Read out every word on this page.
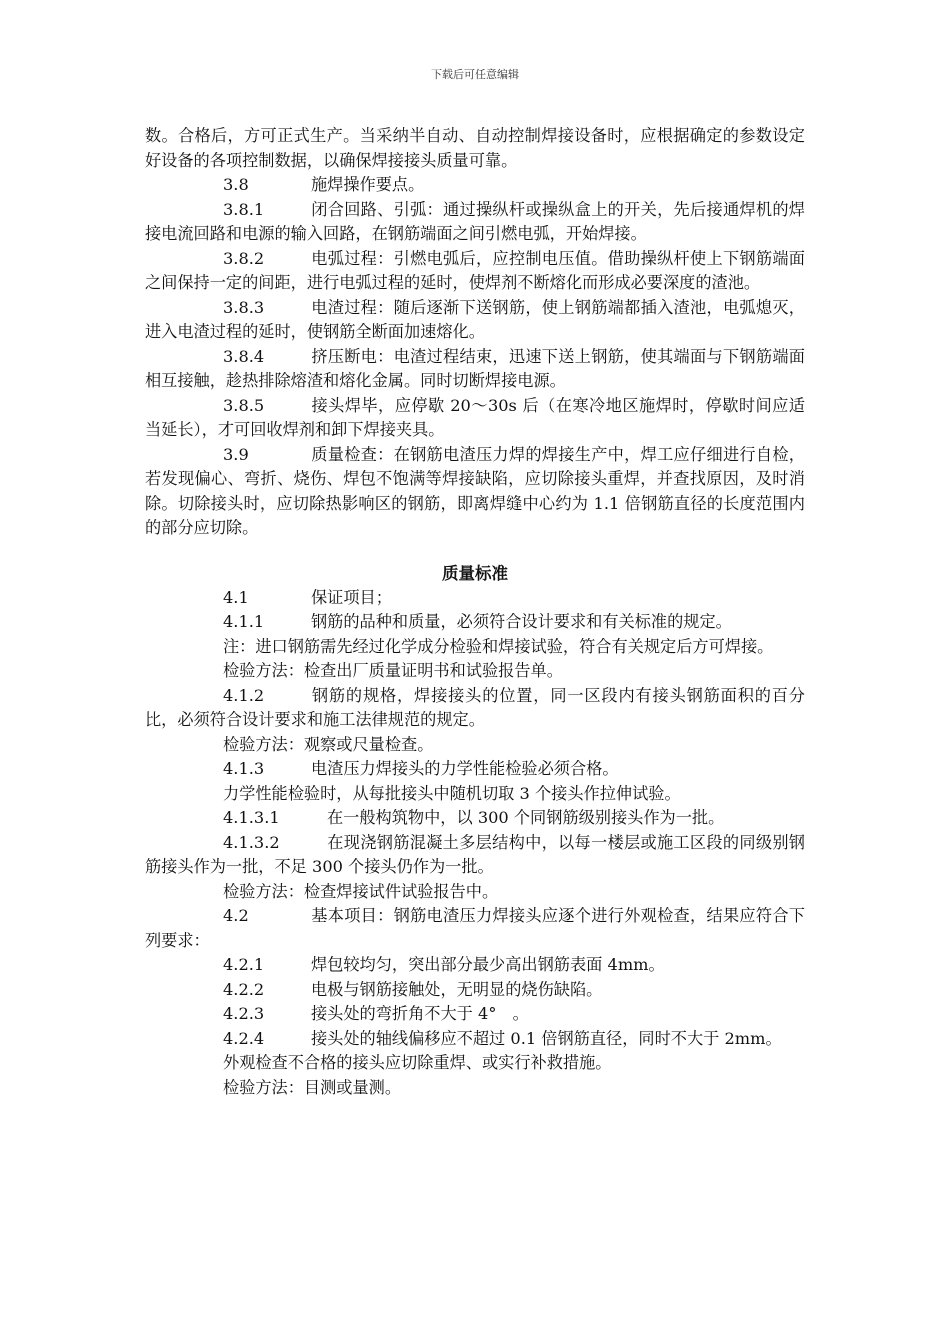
下载后可任意编辑

数。合格后，方可正式生产。当采纳半自动、自动控制焊接设备时，应根据确定的参数设定好设备的各项控制数据，以确保焊接接头质量可靠。

3.8	施焊操作要点。

3.8.1	闭合回路、引弧：通过操纵杆或操纵盒上的开关，先后接通焊机的焊接电流回路和电源的输入回路，在钢筋端面之间引燃电弧，开始焊接。

3.8.2	电弧过程：引燃电弧后，应控制电压值。借助操纵杆使上下钢筋端面之间保持一定的间距，进行电弧过程的延时，使焊剂不断熔化而形成必要深度的渣池。

3.8.3	电渣过程：随后逐渐下送钢筋，使上钢筋端都插入渣池，电弧熄灭，进入电渣过程的延时，使钢筋全断面加速熔化。

3.8.4	挤压断电：电渣过程结束，迅速下送上钢筋，使其端面与下钢筋端面相互接触，趁热排除熔渣和熔化金属。同时切断焊接电源。

3.8.5	接头焊毕，应停歇 20～30s 后（在寒冷地区施焊时，停歇时间应适当延长），才可回收焊剂和卸下焊接夹具。

3.9	质量检查：在钢筋电渣压力焊的焊接生产中，焊工应仔细进行自检，若发现偏心、弯折、烧伤、焊包不饱满等焊接缺陷，应切除接头重焊，并查找原因，及时消除。切除接头时，应切除热影响区的钢筋，即离焊缝中心约为 1.1 倍钢筋直径的长度范围内的部分应切除。

质量标准

4.1	保证项目；

4.1.1	钢筋的品种和质量，必须符合设计要求和有关标准的规定。

注：进口钢筋需先经过化学成分检验和焊接试验，符合有关规定后方可焊接。

检验方法：检查出厂质量证明书和试验报告单。

4.1.2	钢筋的规格，焊接接头的位置，同一区段内有接头钢筋面积的百分比，必须符合设计要求和施工法律规范的规定。

检验方法：观察或尺量检查。

4.1.3	电渣压力焊接头的力学性能检验必须合格。

力学性能检验时，从每批接头中随机切取 3 个接头作拉伸试验。

4.1.3.1	在一般构筑物中，以 300 个同钢筋级别接头作为一批。

4.1.3.2	在现浇钢筋混凝土多层结构中，以每一楼层或施工区段的同级别钢筋接头作为一批，不足 300 个接头仍作为一批。

检验方法：检查焊接试件试验报告中。

4.2	基本项目：钢筋电渣压力焊接头应逐个进行外观检查，结果应符合下列要求：

4.2.1	焊包较均匀，突出部分最少高出钢筋表面 4mm。

4.2.2	电极与钢筋接触处，无明显的烧伤缺陷。

4.2.3	接头处的弯折角不大于 4°　。

4.2.4	接头处的轴线偏移应不超过 0.1 倍钢筋直径，同时不大于 2mm。

外观检查不合格的接头应切除重焊、或实行补救措施。

检验方法：目测或量测。
